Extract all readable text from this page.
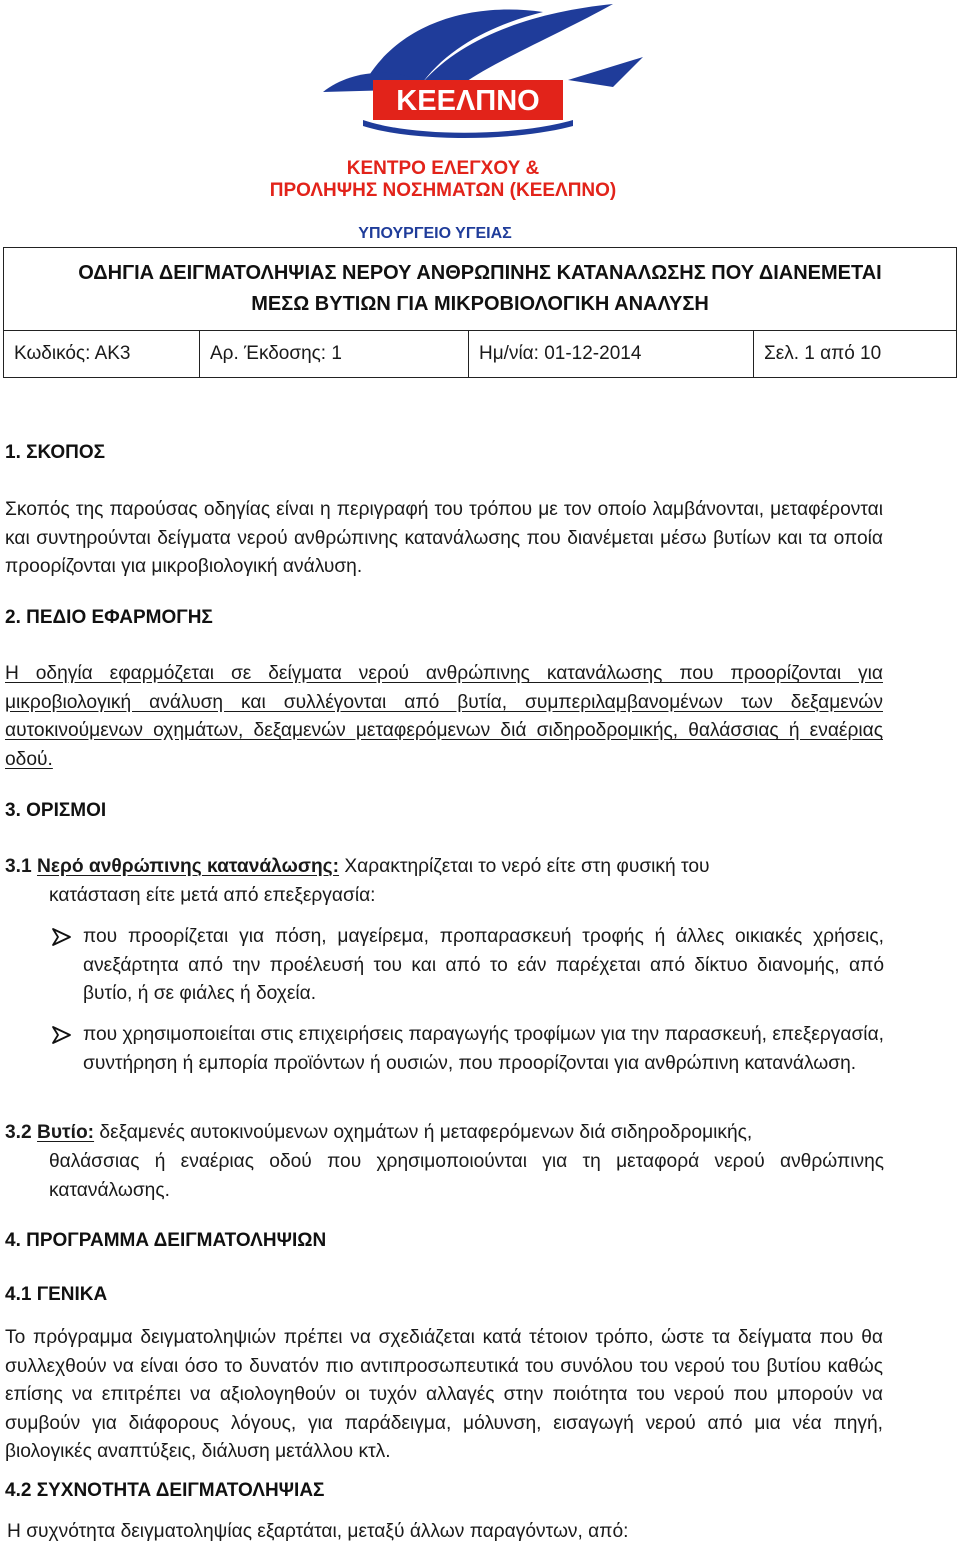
ΚΕΕΛΠΝΟ
ΚΕΝΤΡΟ ΕΛΕΓΧΟΥ &
ΠΡΟΛΗΨΗΣ ΝΟΣΗΜΑΤΩΝ (ΚΕΕΛΠΝΟ)
ΥΠΟΥΡΓΕΙΟ ΥΓΕΙΑΣ
ΟΔΗΓΙΑ ΔΕΙΓΜΑΤΟΛΗΨΙΑΣ ΝΕΡΟΥ ΑΝΘΡΩΠΙΝΗΣ ΚΑΤΑΝΑΛΩΣΗΣ ΠΟΥ ΔΙΑΝΕΜΕΤΑΙ
ΜΕΣΩ ΒΥΤΙΩΝ ΓΙΑ ΜΙΚΡΟΒΙΟΛΟΓΙΚΗ ΑΝΑΛΥΣΗ

Κωδικός: ΑΚ3	Αρ. Έκδοσης: 1	Ημ/νία: 01-12-2014	Σελ. 1 από 10
1. ΣΚΟΠΟΣ
Σκοπός της παρούσας οδηγίας είναι η περιγραφή του τρόπου με τον οποίο λαμβάνονται, μεταφέρονται και συντηρούνται δείγματα νερού ανθρώπινης κατανάλωσης που διανέμεται μέσω βυτίων και τα οποία προορίζονται για μικροβιολογική ανάλυση.
2. ΠΕΔΙΟ ΕΦΑΡΜΟΓΗΣ
Η οδηγία εφαρμόζεται σε δείγματα νερού ανθρώπινης κατανάλωσης που προορίζονται για μικροβιολογική ανάλυση και συλλέγονται από βυτία, συμπεριλαμβανομένων των δεξαμενών αυτοκινούμενων οχημάτων, δεξαμενών μεταφερόμενων διά σιδηροδρομικής, θαλάσσιας ή εναέριας οδού.
3. ΟΡΙΣΜΟΙ
3.1 Νερό ανθρώπινης κατανάλωσης: Χαρακτηρίζεται το νερό είτε στη φυσική του
κατάσταση είτε μετά από επεξεργασία:
που προορίζεται για πόση, μαγείρεμα, προπαρασκευή τροφής ή άλλες οικιακές χρήσεις, ανεξάρτητα από την προέλευσή του και από το εάν παρέχεται από δίκτυο διανομής, από βυτίο, ή σε φιάλες ή δοχεία.
που χρησιμοποιείται στις επιχειρήσεις παραγωγής τροφίμων για την παρασκευή, επεξεργασία, συντήρηση ή εμπορία προϊόντων ή ουσιών, που προορίζονται για ανθρώπινη κατανάλωση.
3.2 Βυτίο: δεξαμενές αυτοκινούμενων οχημάτων ή μεταφερόμενων διά σιδηροδρομικής,
θαλάσσιας ή εναέριας οδού που χρησιμοποιούνται για τη μεταφορά νερού ανθρώπινης κατανάλωσης.
4. ΠΡΟΓΡΑΜΜΑ ΔΕΙΓΜΑΤΟΛΗΨΙΩΝ
4.1 ΓΕΝΙΚΑ
Το πρόγραμμα δειγματοληψιών πρέπει να σχεδιάζεται κατά τέτοιον τρόπο, ώστε τα δείγματα που θα συλλεχθούν να είναι όσο το δυνατόν πιο αντιπροσωπευτικά του συνόλου του νερού του βυτίου καθώς επίσης να επιτρέπει να αξιολογηθούν οι τυχόν αλλαγές στην ποιότητα του νερού που μπορούν να συμβούν για διάφορους λόγους, για παράδειγμα, μόλυνση, εισαγωγή νερού από μια νέα πηγή, βιολογικές αναπτύξεις, διάλυση μετάλλου κτλ.
4.2 ΣΥΧΝΟΤΗΤΑ ΔΕΙΓΜΑΤΟΛΗΨΙΑΣ
Η συχνότητα δειγματοληψίας εξαρτάται, μεταξύ άλλων παραγόντων, από:
